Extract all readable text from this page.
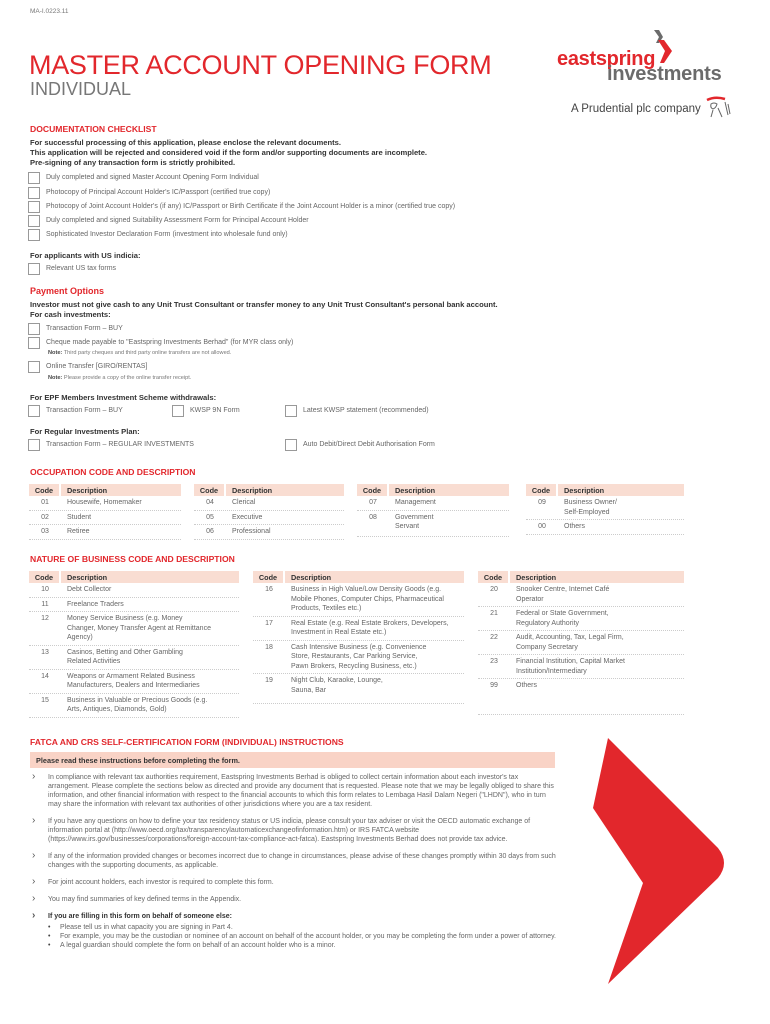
MA-I.0223.11
MASTER ACCOUNT OPENING FORM
INDIVIDUAL
eastspring
investments
A Prudential plc company
DOCUMENTATION CHECKLIST
For successful processing of this application, please enclose the relevant documents.
This application will be rejected and considered void if the form and/or supporting documents are incomplete.
Pre-signing of any transaction form is strictly prohibited.
Duly completed and signed Master Account Opening Form Individual
Photocopy of Principal Account Holder's IC/Passport (certified true copy)
Photocopy of Joint Account Holder's (if any) IC/Passport or Birth Certificate if the Joint Account Holder is a minor (certified true copy)
Duly completed and signed Suitability Assessment Form for Principal Account Holder
Sophisticated Investor Declaration Form (investment into wholesale fund only)
For applicants with US indicia:
Relevant US tax forms
Payment Options
Investor must not give cash to any Unit Trust Consultant or transfer money to any Unit Trust Consultant's personal bank account.
For cash investments:
Transaction Form – BUY
Cheque made payable to "Eastspring Investments Berhad" (for MYR class only)
Note: Third party cheques and third party online transfers are not allowed.
Online Transfer [GIRO/RENTAS]
Note: Please provide a copy of the online transfer receipt.
For EPF Members Investment Scheme withdrawals:
Transaction Form – BUY	KWSP 9N Form	Latest KWSP statement (recommended)
For Regular Investments Plan:
Transaction Form – REGULAR INVESTMENTS	Auto Debit/Direct Debit Authorisation Form
OCCUPATION CODE AND DESCRIPTION
Code	Description
01	Housewife, Homemaker
02	Student
03	Retiree
Code	Description
04	Clerical
05	Executive
06	Professional
Code	Description
07	Management
08	Government Servant
Code	Description
09	Business Owner/ Self-Employed
00	Others
NATURE OF BUSINESS CODE AND DESCRIPTION
Code	Description
10	Debt Collector
11	Freelance Traders
12	Money Service Business (e.g. Money Changer, Money Transfer Agent at Remittance Agency)
13	Casinos, Betting and Other Gambling Related Activities
14	Weapons or Armament Related Business Manufacturers, Dealers and Intermediaries
15	Business in Valuable or Precious Goods (e.g. Arts, Antiques, Diamonds, Gold)
Code	Description
16	Business in High Value/Low Density Goods (e.g. Mobile Phones, Computer Chips, Pharmaceutical Products, Textiles etc.)
17	Real Estate (e.g. Real Estate Brokers, Developers, Investment in Real Estate etc.)
18	Cash Intensive Business (e.g. Convenience Store, Restaurants, Car Parking Service, Pawn Brokers, Recycling Business, etc.)
19	Night Club, Karaoke, Lounge, Sauna, Bar
Code	Description
20	Snooker Centre, Internet Café Operator
21	Federal or State Government, Regulatory Authority
22	Audit, Accounting, Tax, Legal Firm, Company Secretary
23	Financial Institution, Capital Market Institution/Intermediary
99	Others
FATCA AND CRS SELF-CERTIFICATION FORM (INDIVIDUAL) INSTRUCTIONS
Please read these instructions before completing the form.
› In compliance with relevant tax authorities requirement, Eastspring Investments Berhad is obliged to collect certain information about each investor's tax arrangement. Please complete the sections below as directed and provide any document that is requested. Please note that we may be legally obliged to share this information, and other financial information with respect to the financial accounts to which this form relates to Lembaga Hasil Dalam Negeri ("LHDN"), who in turn may share the information with relevant tax authorities of other jurisdictions where you are a tax resident.
› If you have any questions on how to define your tax residency status or US indicia, please consult your tax adviser or visit the OECD automatic exchange of information portal at (http://www.oecd.org/tax/transparencylautomaticexchangeofinformation.htm) or IRS FATCA website (https://www.irs.gov/businesses/corporations/foreign-account-tax-compliance-act-fatca). Eastspring Investments Berhad does not provide tax advice.
› If any of the information provided changes or becomes incorrect due to change in circumstances, please advise of these changes promptly within 30 days from such changes with the supporting documents, as applicable.
› For joint account holders, each investor is required to complete this form.
› You may find summaries of key defined terms in the Appendix.
› If you are filling in this form on behalf of someone else:
• Please tell us in what capacity you are signing in Part 4.
• For example, you may be the custodian or nominee of an account on behalf of the account holder, or you may be completing the form under a power of attorney.
• A legal guardian should complete the form on behalf of an account holder who is a minor.
